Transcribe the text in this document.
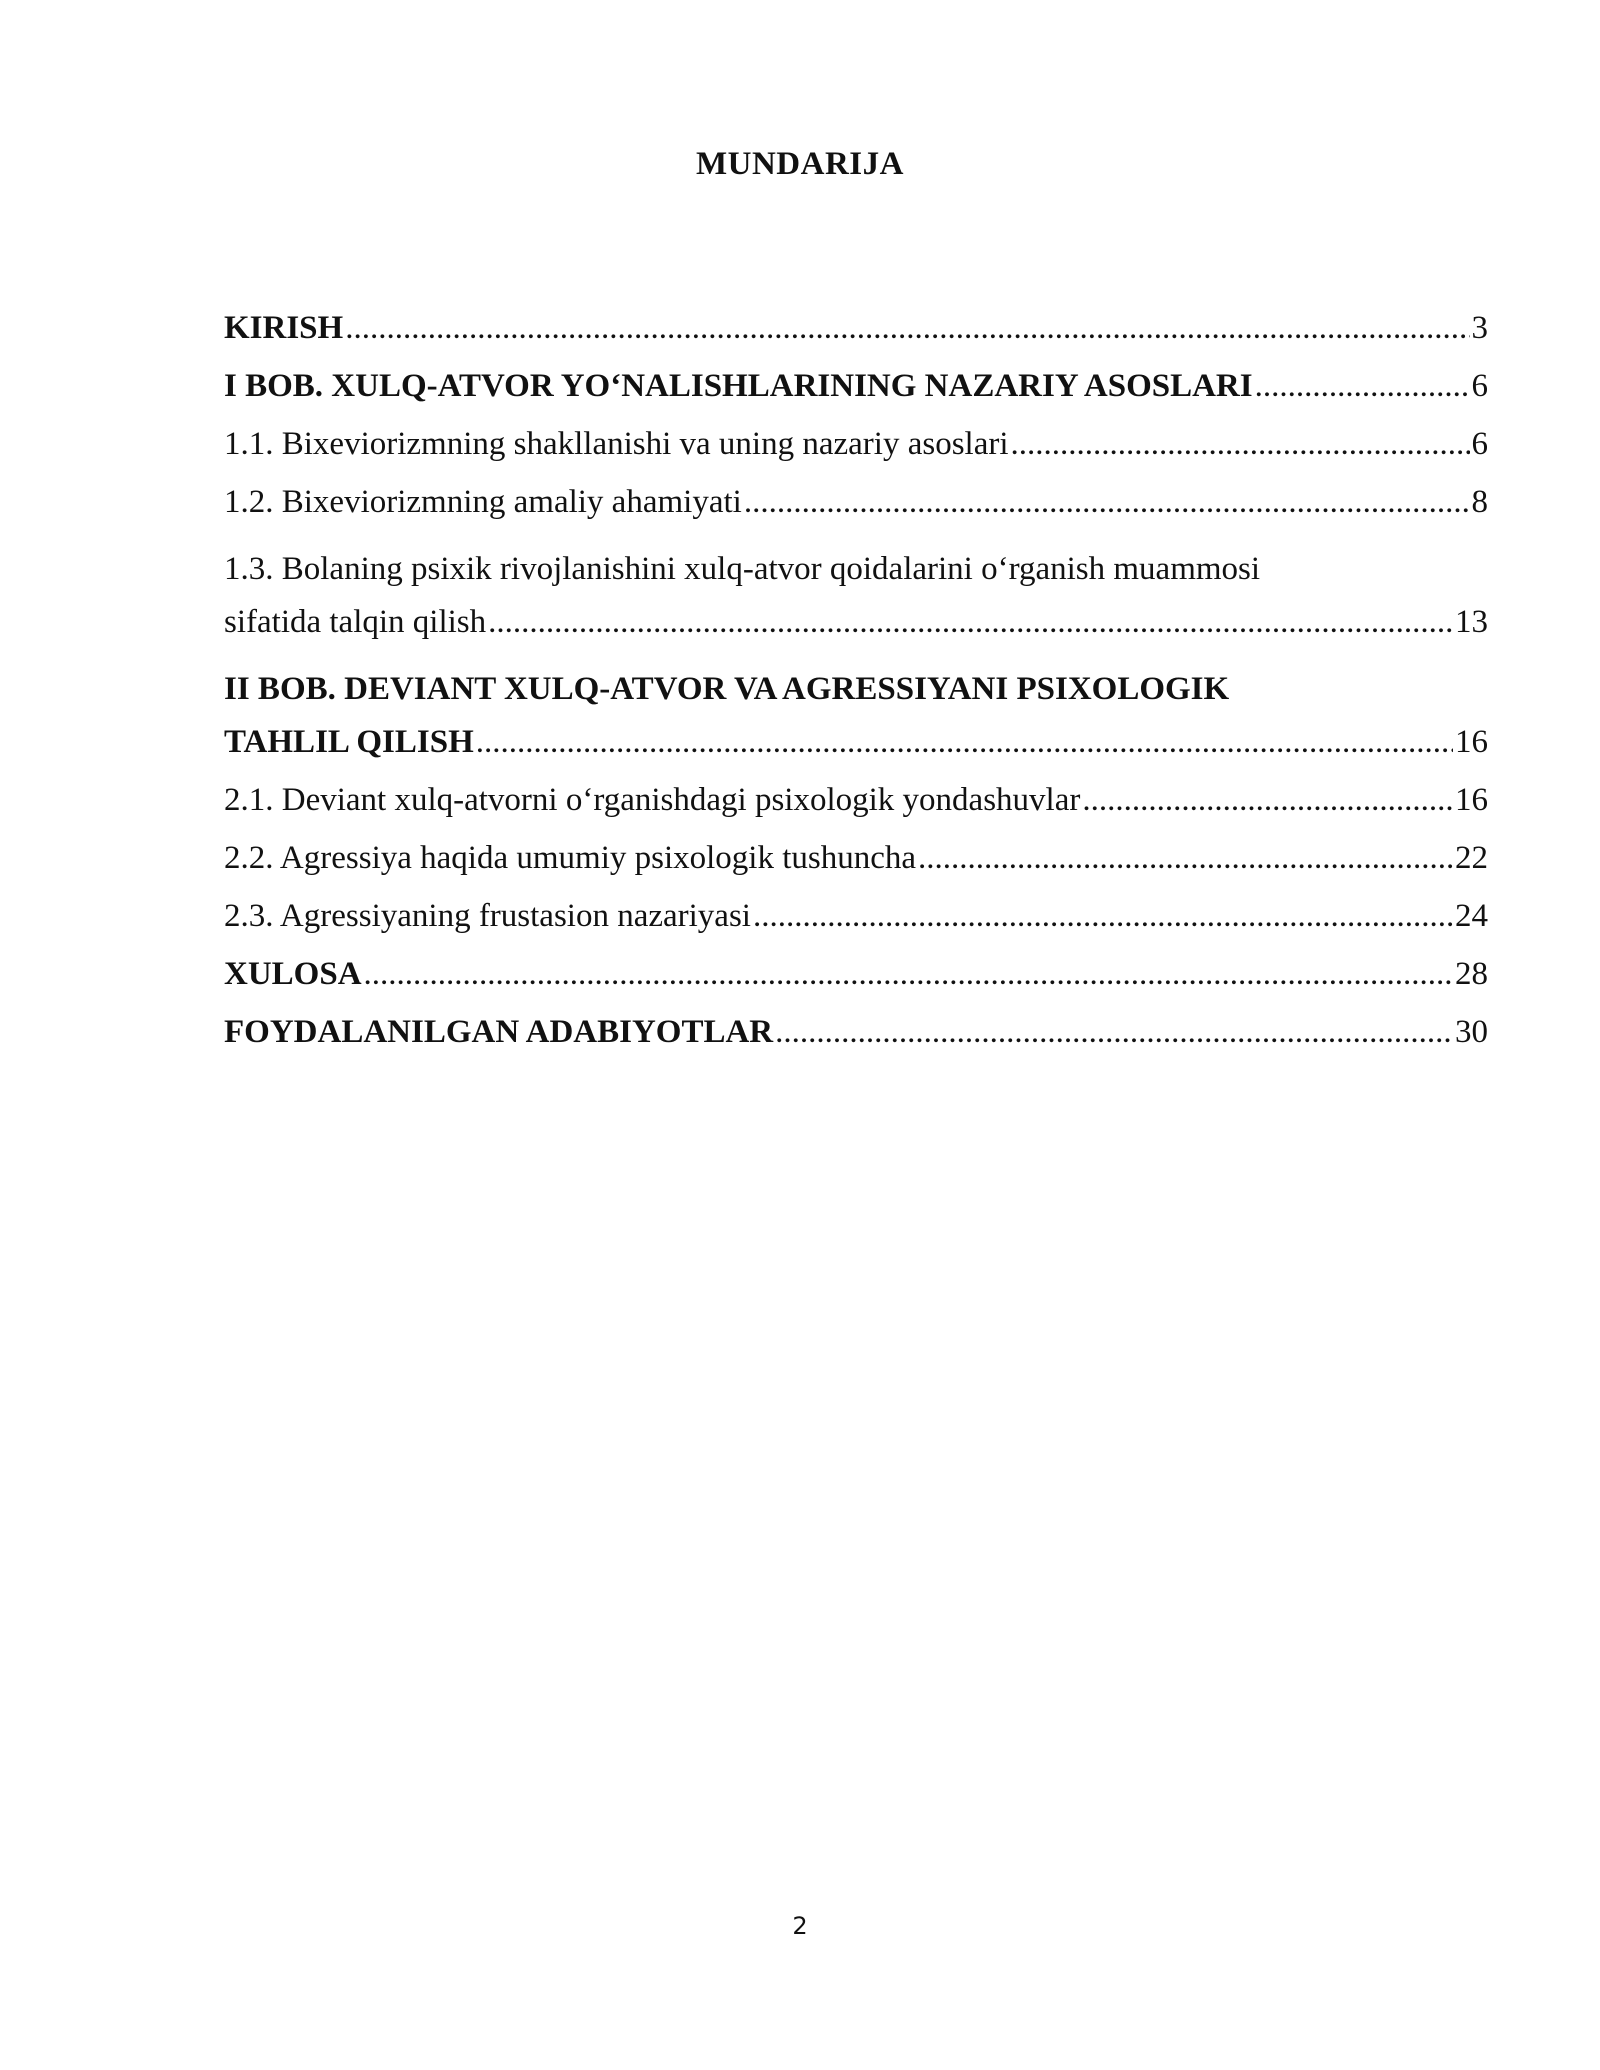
MUNDARIJA
KIRISH .....	3
I BOB. XULQ-ATVOR YO‘NALISHLARINING NAZARIY ASOSLARI .....	6
1.1. Bixeviorizmning shakllanishi va uning nazariy asoslari .....	6
1.2. Bixeviorizmning amaliy ahamiyati .....	8
1.3. Bolaning psixik rivojlanishini xulq-atvor qoidalarini o‘rganish muammosi
sifatida talqin qilish .....	13
II BOB. DEVIANT XULQ-ATVOR VA AGRESSIYANI PSIXOLOGIK
TAHLIL QILISH .....	16
2.1. Deviant xulq-atvorni o‘rganishdagi psixologik yondashuvlar .....	16
2.2. Agressiya haqida umumiy psixologik tushuncha .....	22
2.3. Agressiyaning frustasion nazariyasi .....	24
XULOSA .....	28
FOYDALANILGAN ADABIYOTLAR .....	30
2
